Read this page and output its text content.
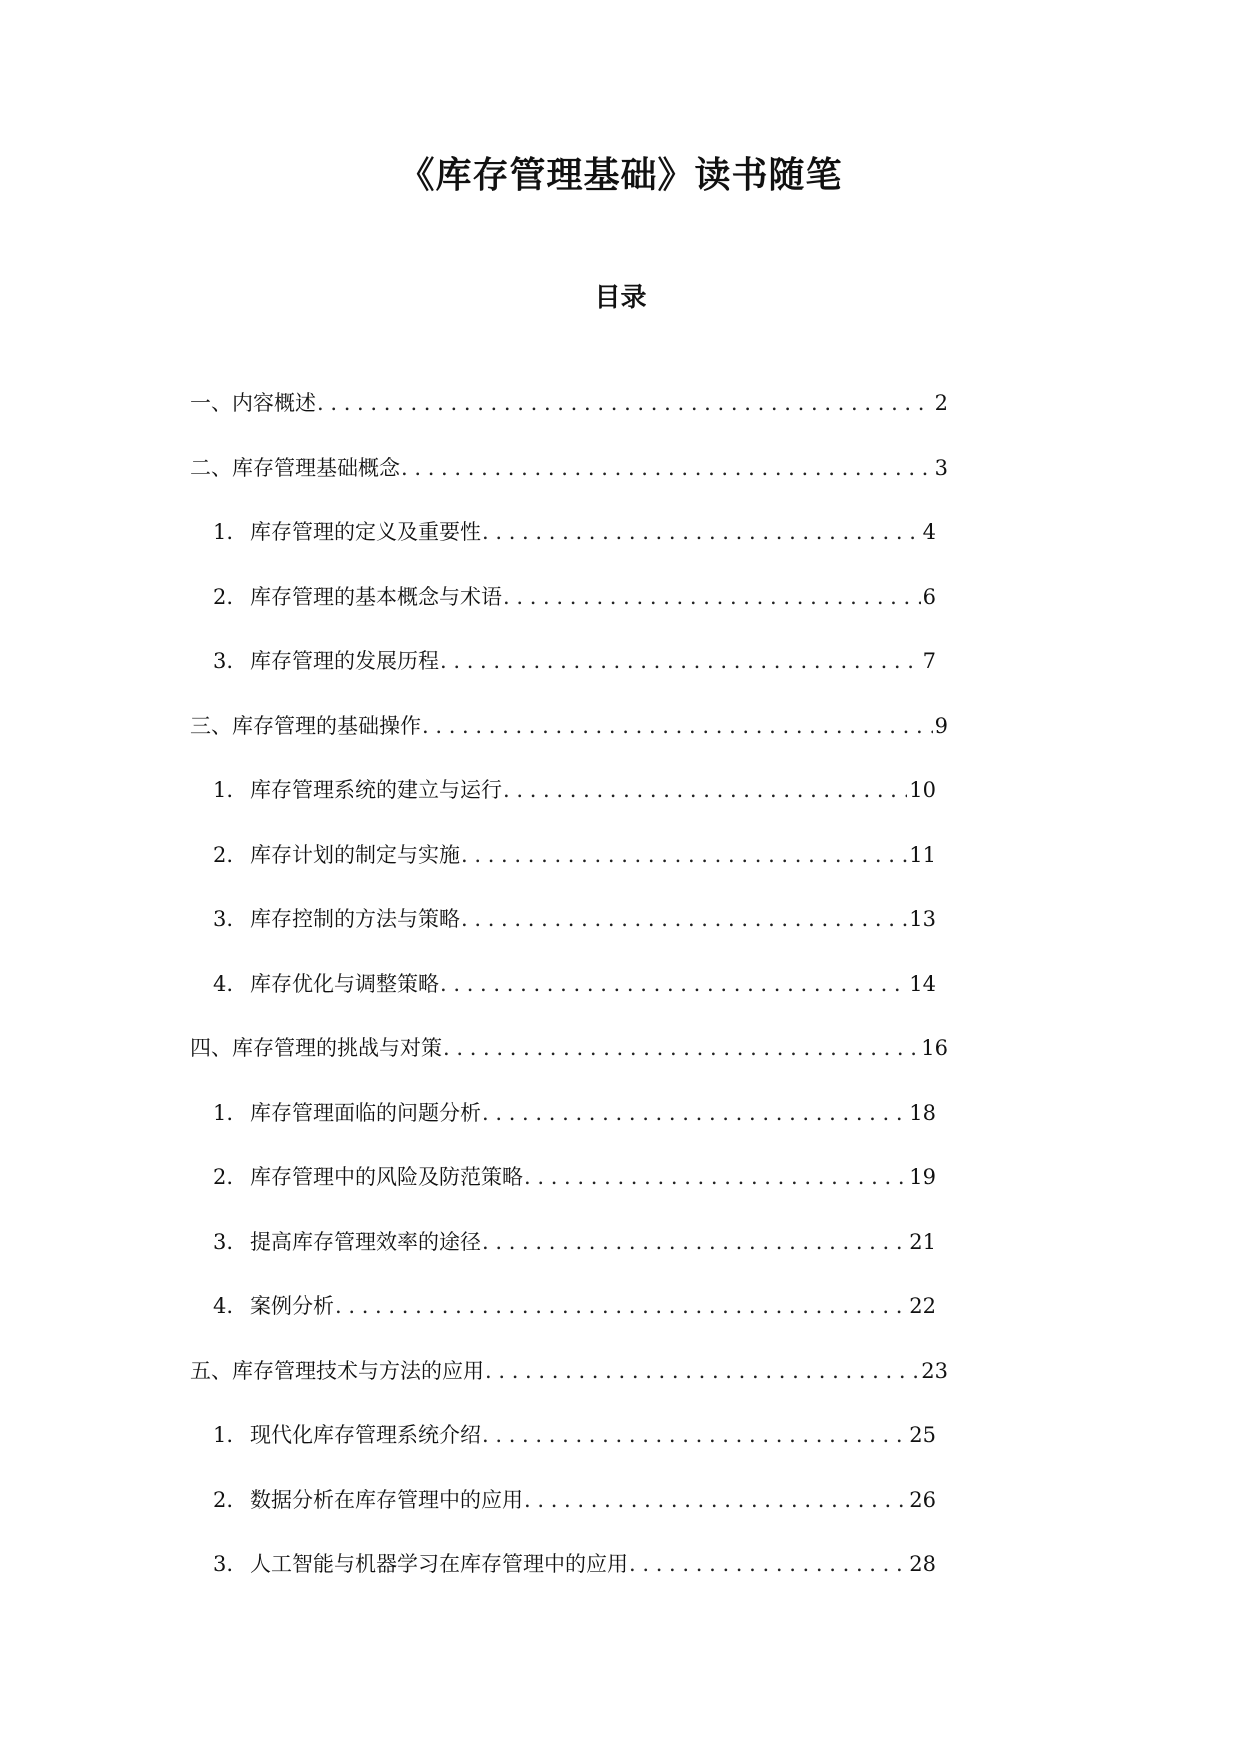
《库存管理基础》读书随笔
目录
一、内容概述 . . .	2
二、库存管理基础概念 . . .	3
1. 库存管理的定义及重要性 . . .	4
2. 库存管理的基本概念与术语 . . .	6
3. 库存管理的发展历程 . . .	7
三、库存管理的基础操作 . . .	9
1. 库存管理系统的建立与运行 . . .	10
2. 库存计划的制定与实施 . . .	11
3. 库存控制的方法与策略 . . .	13
4. 库存优化与调整策略 . . .	14
四、库存管理的挑战与对策 . . .	16
1. 库存管理面临的问题分析 . . .	18
2. 库存管理中的风险及防范策略 . . .	19
3. 提高库存管理效率的途径 . . .	21
4. 案例分析 . . .	22
五、库存管理技术与方法的应用 . . .	23
1. 现代化库存管理系统介绍 . . .	25
2. 数据分析在库存管理中的应用 . . .	26
3. 人工智能与机器学习在库存管理中的应用 . . .	28
